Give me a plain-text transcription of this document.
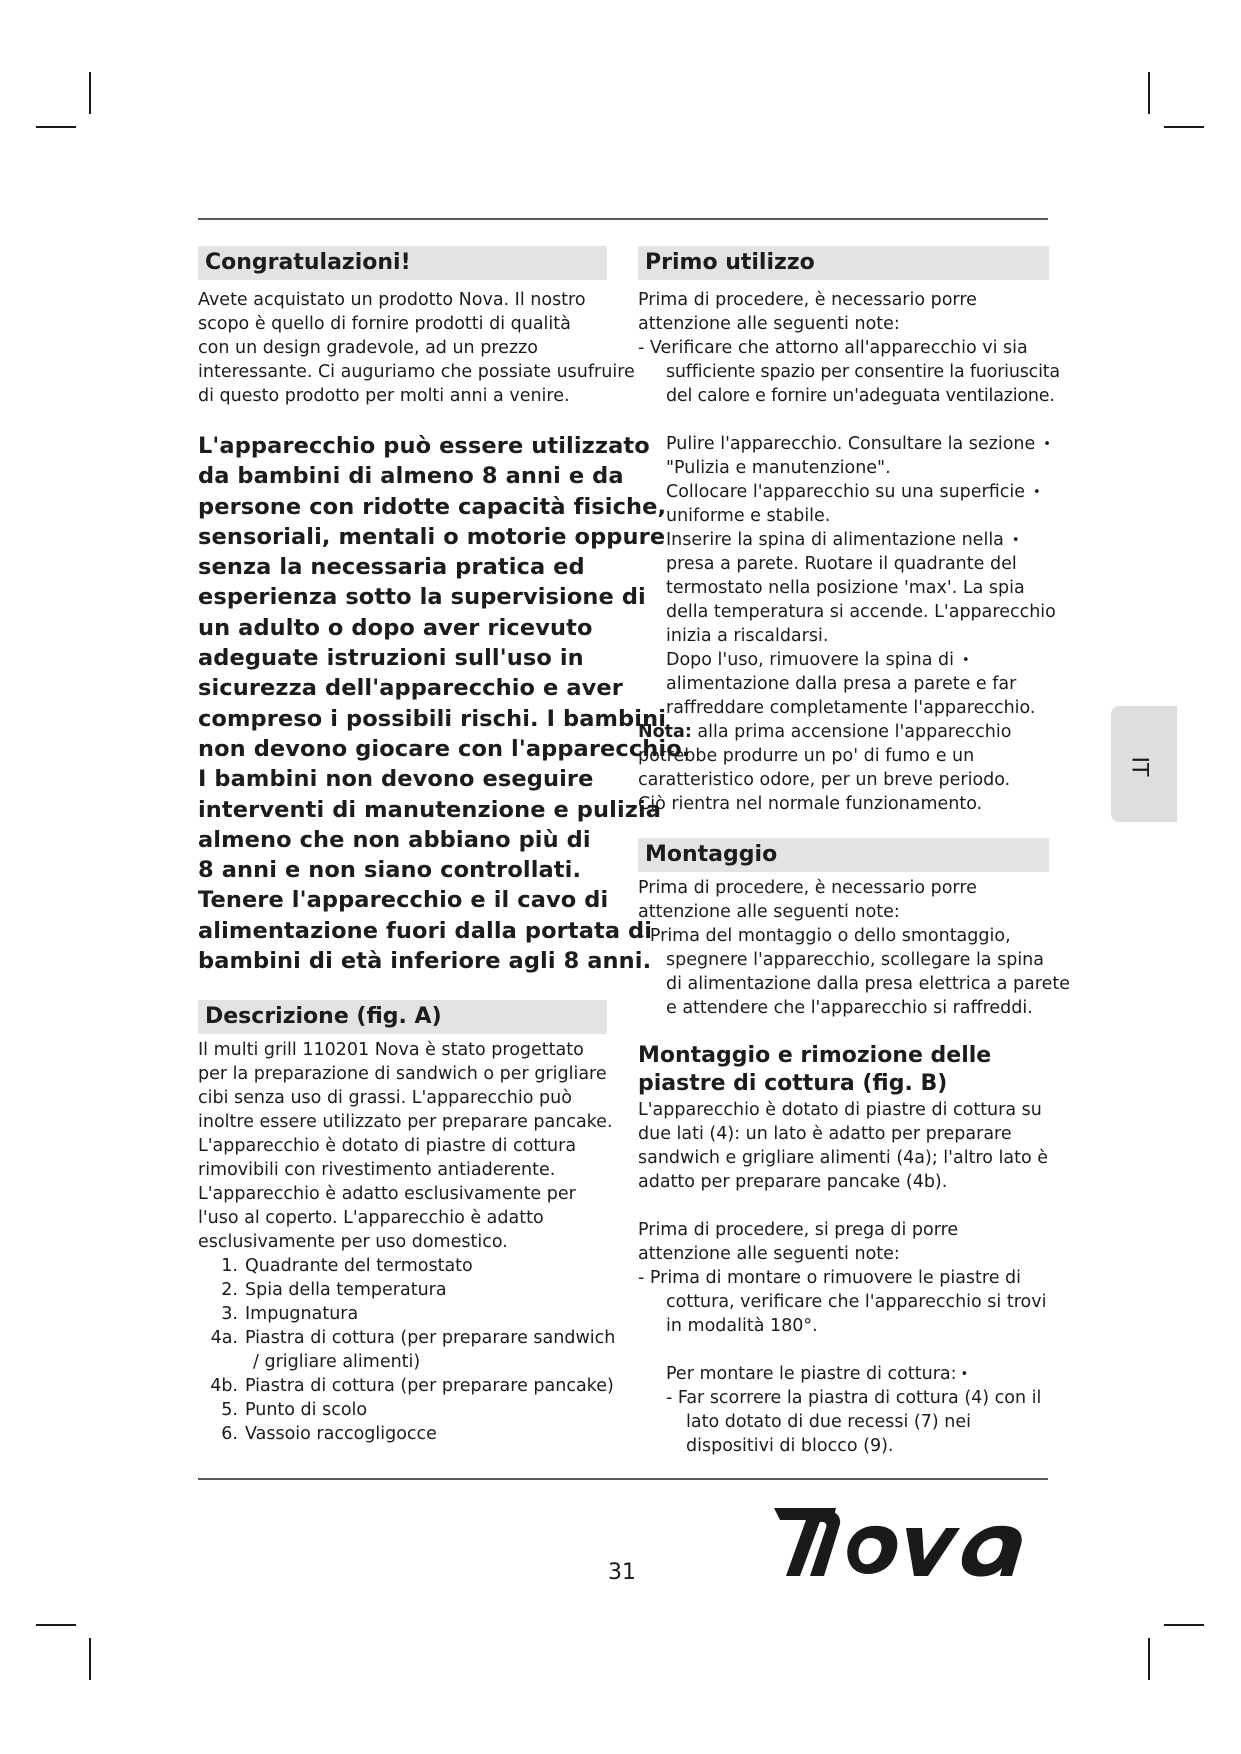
Congratulazioni!
Avete acquistato un prodotto Nova. Il nostro
scopo è quello di fornire prodotti di qualità
con un design gradevole, ad un prezzo
interessante. Ci auguriamo che possiate usufruire
di questo prodotto per molti anni a venire.
L'apparecchio può essere utilizzato
da bambini di almeno 8 anni e da
persone con ridotte capacità fisiche,
sensoriali, mentali o motorie oppure
senza la necessaria pratica ed
esperienza sotto la supervisione di
un adulto o dopo aver ricevuto
adeguate istruzioni sull'uso in
sicurezza dell'apparecchio e aver
compreso i possibili rischi. I bambini
non devono giocare con l'apparecchio.
I bambini non devono eseguire
interventi di manutenzione e pulizia
almeno che non abbiano più di
8 anni e non siano controllati.
Tenere l'apparecchio e il cavo di
alimentazione fuori dalla portata di
bambini di età inferiore agli 8 anni.
Descrizione (fig. A)
Il multi grill 110201 Nova è stato progettato
per la preparazione di sandwich o per grigliare
cibi senza uso di grassi. L'apparecchio può
inoltre essere utilizzato per preparare pancake.
L'apparecchio è dotato di piastre di cottura
rimovibili con rivestimento antiaderente.
L'apparecchio è adatto esclusivamente per
l'uso al coperto. L'apparecchio è adatto
esclusivamente per uso domestico.
1. Quadrante del termostato
2. Spia della temperatura
3. Impugnatura
4a. Piastra di cottura (per preparare sandwich
/ grigliare alimenti)
4b. Piastra di cottura (per preparare pancake)
5. Punto di scolo
6. Vassoio raccogligocce
Primo utilizzo
Prima di procedere, è necessario porre
attenzione alle seguenti note:
- Verificare che attorno all'apparecchio vi sia
sufficiente spazio per consentire la fuoriuscita
del calore e fornire un'adeguata ventilazione.
Pulire l'apparecchio. Consultare la sezione •
"Pulizia e manutenzione".
Collocare l'apparecchio su una superficie •
uniforme e stabile.
Inserire la spina di alimentazione nella •
presa a parete. Ruotare il quadrante del
termostato nella posizione 'max'. La spia
della temperatura si accende. L'apparecchio
inizia a riscaldarsi.
Dopo l'uso, rimuovere la spina di •
alimentazione dalla presa a parete e far
raffreddare completamente l'apparecchio.
Nota: alla prima accensione l'apparecchio
potrebbe produrre un po' di fumo e un
caratteristico odore, per un breve periodo.
Ciò rientra nel normale funzionamento.
Montaggio
Prima di procedere, è necessario porre
attenzione alle seguenti note:
- Prima del montaggio o dello smontaggio,
spegnere l'apparecchio, scollegare la spina
di alimentazione dalla presa elettrica a parete
e attendere che l'apparecchio si raffreddi.
Montaggio e rimozione delle
piastre di cottura (fig. B)
L'apparecchio è dotato di piastre di cottura su
due lati (4): un lato è adatto per preparare
sandwich e grigliare alimenti (4a); l'altro lato è
adatto per preparare pancake (4b).
Prima di procedere, si prega di porre
attenzione alle seguenti note:
- Prima di montare o rimuovere le piastre di
cottura, verificare che l'apparecchio si trovi
in modalità 180°.
Per montare le piastre di cottura: •
- Far scorrere la piastra di cottura (4) con il
lato dotato di due recessi (7) nei
dispositivi di blocco (9).
IT
31
